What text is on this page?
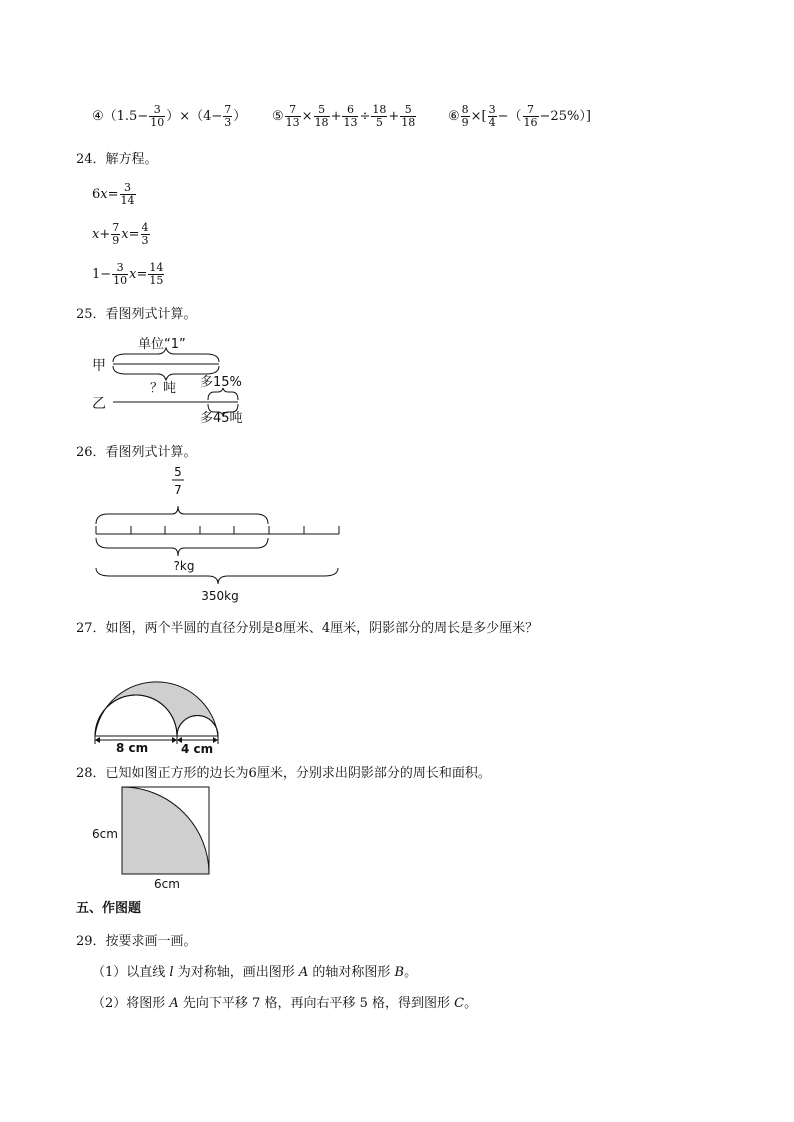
④（1.5− $\frac{3}{10} )\times(4- \frac{7}{3}$ ） ⑤ $\frac{7}{13} \times \frac{5}{18} + \frac{6}{13} \div \frac{18}{5} + \frac{5}{18}$ ⑥ $\frac{8}{9}$ ×[ $\frac{3}{4}$ −（ $\frac{7}{16} -25\%$）]
24．解方程。
$6x= \frac{3}{14}$
$x+ \frac{7}{9} x= \frac{4}{3}$
$1- \frac{3}{10} x= \frac{14}{15}$
25．看图列式计算。
甲
乙
单位“1”
？吨 多15%
多45吨
26．看图列式计算。
5
7
?kg
350kg
27．如图，两个半圆的直径分别是8厘米、4厘米，阴影部分的周长是多少厘米？
8 cm	4 cm
28．已知如图正方形的边长为6厘米，分别求出阴影部分的周长和面积。
6cm
6cm
五、作图题
29．按要求画一画。
（1）以直线 l 为对称轴，画出图形 A 的轴对称图形 B。
（2）将图形 A 先向下平移 7 格，再向右平移 5 格，得到图形 C。
